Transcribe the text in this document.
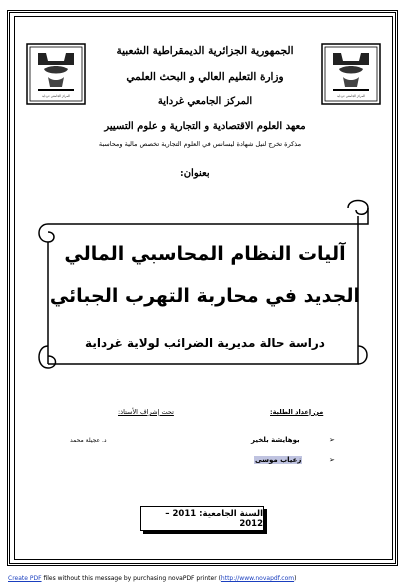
المركز الجامعي غرداية	المركز الجامعي غرداية
الجمهورية الجزائرية الديمقراطية الشعبية
وزارة التعليم العالي و البحث العلمي
المركز الجامعي غرداية
معهد العلوم الاقتصادية و التجارية و علوم التسيير
مذكرة تخرج لنيل شهادة ليسانس في العلوم التجارية تخصص مالية ومحاسبة
بعنوان:
آليات النظام المحاسبي المالي
الجديد في محاربة التهرب الجبائي
دراسة حالة مديرية الضرائب لولاية غرداية
تحت إشراف الأستاذ:
د. عجيلة محمد
من إعداد الطلبة:
➢
بوهايشة بلخير
➢
زعياب موسى
السنة الجامعية: 2011 – 2012
Create PDF files without this message by purchasing novaPDF printer (http://www.novapdf.com)
